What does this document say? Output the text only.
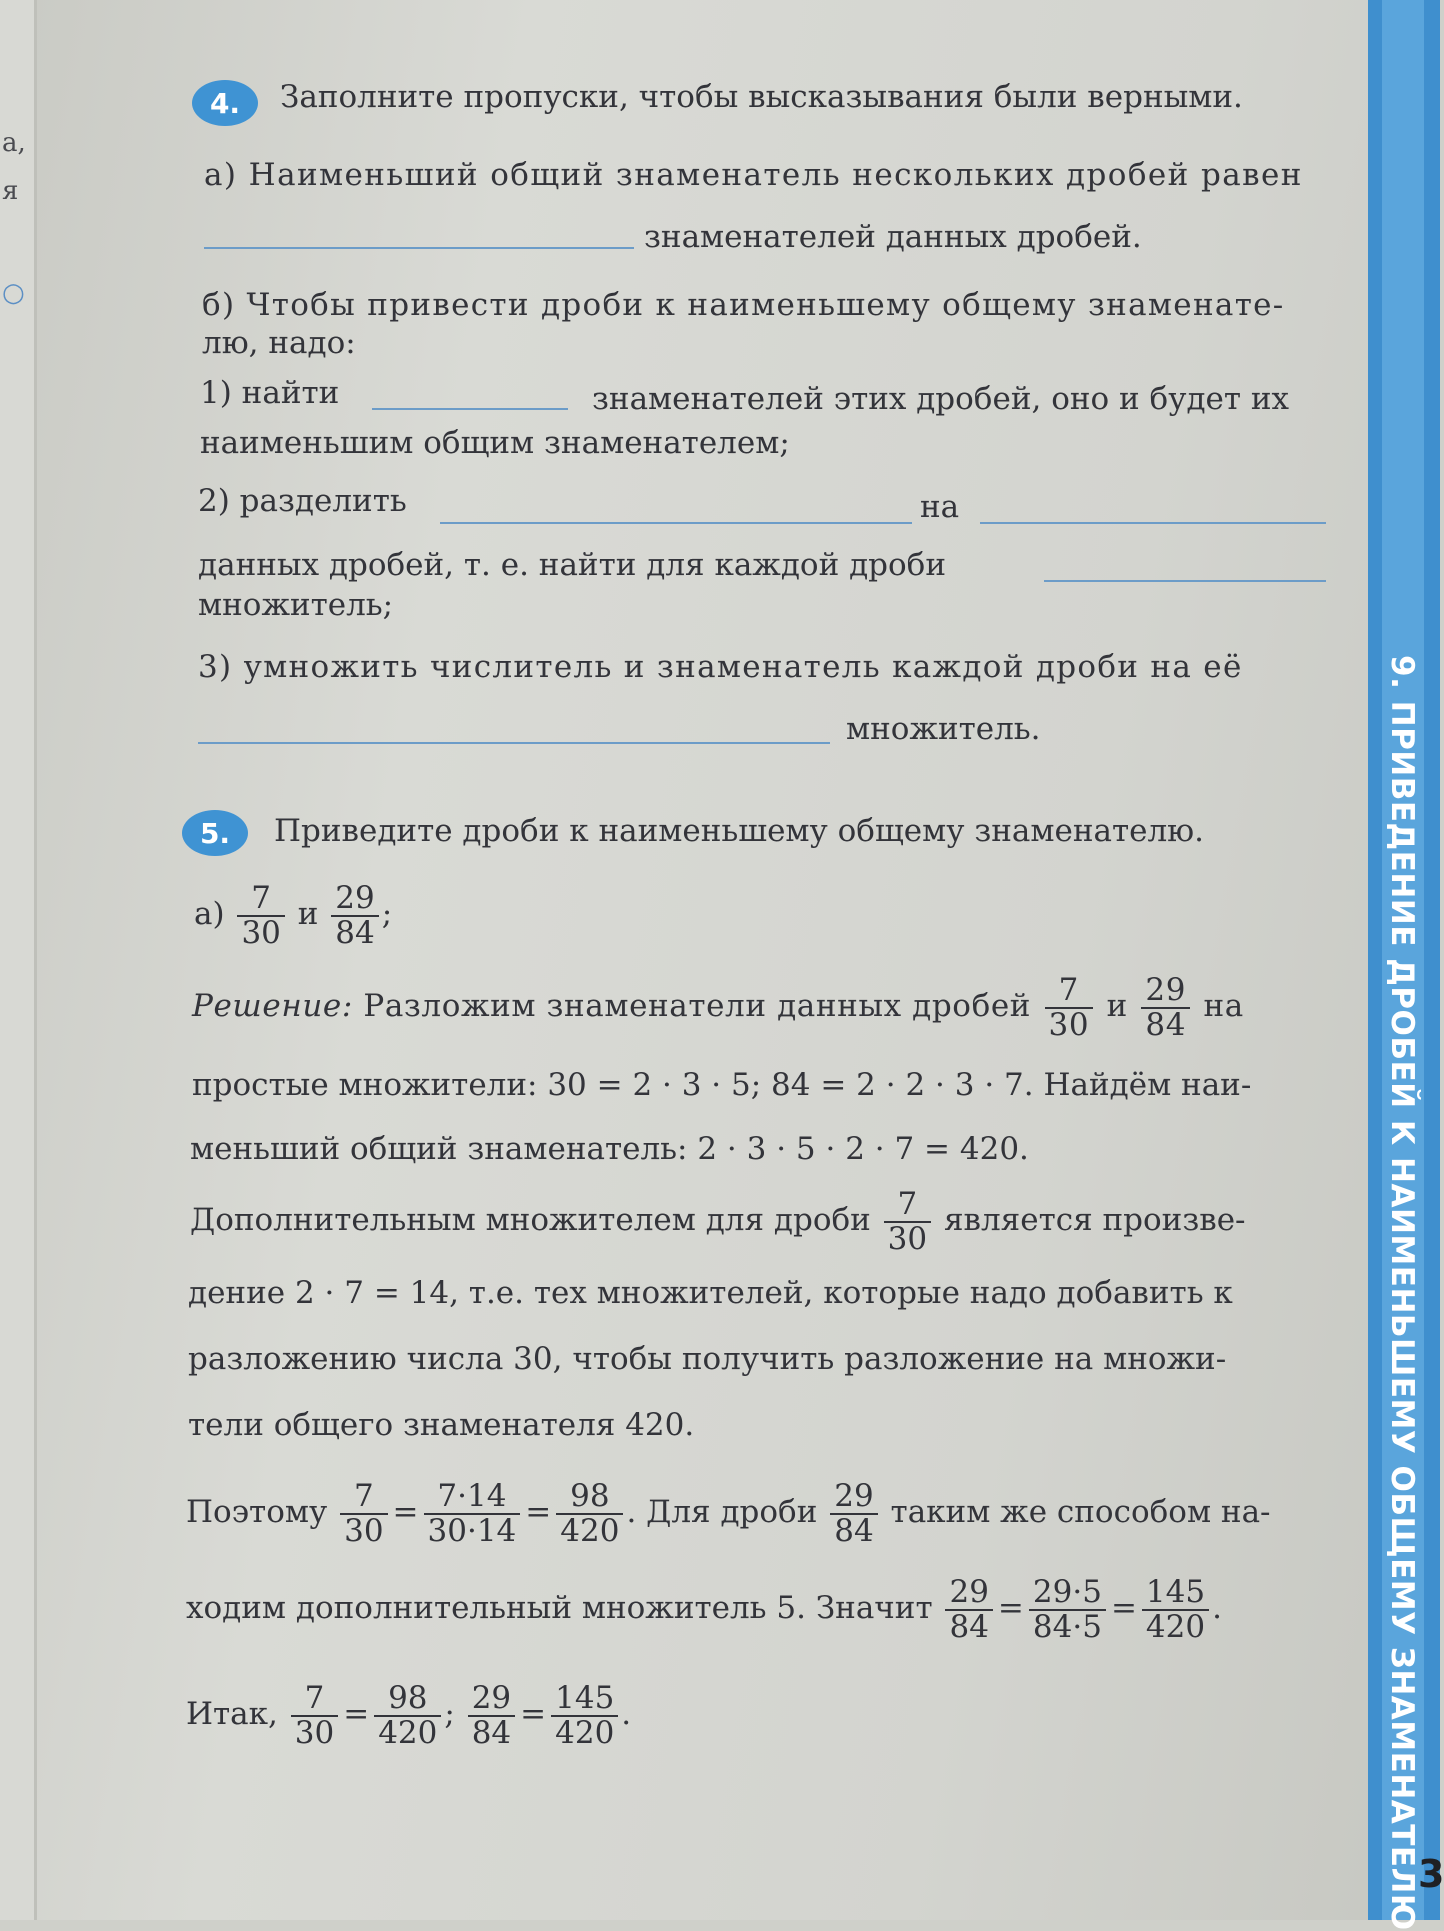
а,
я
○
9. ПРИВЕДЕНИЕ ДРОБЕЙ К НАИМЕНЬШЕМУ ОБЩЕМУ ЗНАМЕНАТЕЛЮ
3
4.	Заполните пропуски, чтобы высказывания были верными.
а) Наименьший общий знаменатель нескольких дробей равен
знаменателей данных дробей.
б) Чтобы привести дроби к наименьшему общему знаменате-
лю, надо:
1) найти	знаменателей этих дробей, оно и будет их
наименьшим общим знаменателем;
2) разделить	на
данных дробей, т. е. найти для каждой дроби
множитель;
3) умножить числитель и знаменатель каждой дроби на её
множитель.
5.	Приведите дроби к наименьшему общему знаменателю.
$а) \frac{7}{30}$ и $\frac{29}{84}$ ;
Решение: Разложим знаменатели данных дробей $\frac{7}{30}$ и $\frac{29}{84}$ на
простые множители: 30 = 2 · 3 · 5; 84 = 2 · 2 · 3 · 7. Найдём наи-
меньший общий знаменатель: 2 · 3 · 5 · 2 · 7 = 420.
Дополнительным множителем для дроби $\frac{7}{30}$ является произве-
дение 2 · 7 = 14, т.е. тех множителей, которые надо добавить к
разложению числа 30, чтобы получить разложение на множи-
тели общего знаменателя 420.
Поэтому $\frac{7}{30} = \frac{7\cdot 14}{30\cdot 14} = \frac{98}{420}$ . Для дроби $\frac{29}{84}$ таким же способом на-
ходим дополнительный множитель 5. Значит $\frac{29}{84} = \frac{29\cdot 5}{84\cdot 5} = \frac{145}{420}$ .
Итак, $\frac{7}{30} = \frac{98}{420}$ ; $\frac{29}{84} = \frac{145}{420}$ .
